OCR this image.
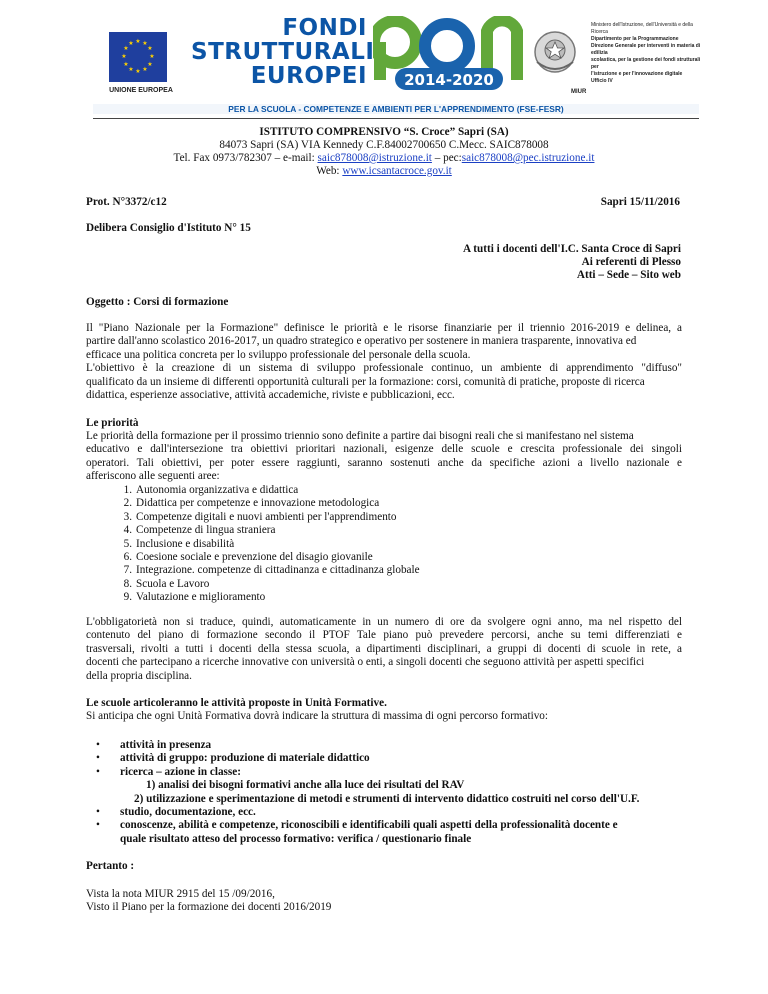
★ ★
★
★
★
★
★
★
★
★
★
★
UNIONE EUROPEA
FONDI
STRUTTURALI
EUROPEI 2014-2020
MIUR
Ministero dell'Istruzione, dell'Università e della Ricerca
Dipartimento per la Programmazione
Direzione Generale per interventi in materia di edilizia
scolastica, per la gestione dei fondi strutturali per
l'istruzione e per l'innovazione digitale
Ufficio IV
PER LA SCUOLA - COMPETENZE E AMBIENTI PER L'APPRENDIMENTO (FSE-FESR)
ISTITUTO COMPRENSIVO “S. Croce” Sapri (SA)
84073 Sapri (SA) VIA Kennedy C.F.84002700650 C.Mecc. SAIC878008
Tel. Fax 0973/782307 – e-mail: saic878008@istruzione.it – pec:saic878008@pec.istruzione.it
Web: www.icsantacroce.gov.it
Prot. N°3372/c12	Sapri 15/11/2016
Delibera Consiglio d'Istituto N° 15
A tutti i docenti dell'I.C. Santa Croce di Sapri
Ai referenti di Plesso
Atti – Sede – Sito web
Oggetto : Corsi di formazione
Il "Piano Nazionale per la Formazione" definisce le priorità e le risorse finanziarie per il triennio 2016-2019 e delinea, a
partire dall'anno scolastico 2016-2017, un quadro strategico e operativo per sostenere in maniera trasparente, innovativa ed
efficace una politica concreta per lo sviluppo professionale del personale della scuola.
L'obiettivo è la creazione di un sistema di sviluppo professionale continuo, un ambiente di apprendimento "diffuso"
qualificato da un insieme di differenti opportunità culturali per la formazione: corsi, comunità di pratiche, proposte di ricerca
didattica, esperienze associative, attività accademiche, riviste e pubblicazioni, ecc.
Le priorità
Le priorità della formazione per il prossimo triennio sono definite a partire dai bisogni reali che si manifestano nel sistema
educativo e dall'intersezione tra obiettivi prioritari nazionali, esigenze delle scuole e crescita professionale dei singoli
operatori. Tali obiettivi, per poter essere raggiunti, saranno sostenuti anche da specifiche azioni a livello nazionale e
afferiscono alle seguenti aree:
1. Autonomia organizzativa e didattica
2. Didattica per competenze e innovazione metodologica
3. Competenze digitali e nuovi ambienti per l'apprendimento
4. Competenze di lingua straniera
5. Inclusione e disabilità
6. Coesione sociale e prevenzione del disagio giovanile
7. Integrazione. competenze di cittadinanza e cittadinanza globale
8. Scuola e Lavoro
9. Valutazione e miglioramento
L'obbligatorietà non si traduce, quindi, automaticamente in un numero di ore da svolgere ogni anno, ma nel rispetto del
contenuto del piano di formazione secondo il PTOF Tale piano può prevedere percorsi, anche su temi differenziati e
trasversali, rivolti a tutti i docenti della stessa scuola, a dipartimenti disciplinari, a gruppi di docenti di scuole in rete, a
docenti che partecipano a ricerche innovative con università o enti, a singoli docenti che seguono attività per aspetti specifici
della propria disciplina.
Le scuole articoleranno le attività proposte in Unità Formative.
Si anticipa che ogni Unità Formativa dovrà indicare la struttura di massima di ogni percorso formativo:
•	attività in presenza
•	attività di gruppo: produzione di materiale didattico
•	ricerca – azione in classe:
1) analisi dei bisogni formativi anche alla luce dei risultati del RAV
2) utilizzazione e sperimentazione di metodi e strumenti di intervento didattico costruiti nel corso dell'U.F.
•	studio, documentazione, ecc.
•	conoscenze, abilità e competenze, riconoscibili e identificabili quali aspetti della professionalità docente e
quale risultato atteso del processo formativo: verifica / questionario finale
Pertanto :
Vista la nota MIUR 2915 del 15 /09/2016,
Visto il Piano per la formazione dei docenti 2016/2019
